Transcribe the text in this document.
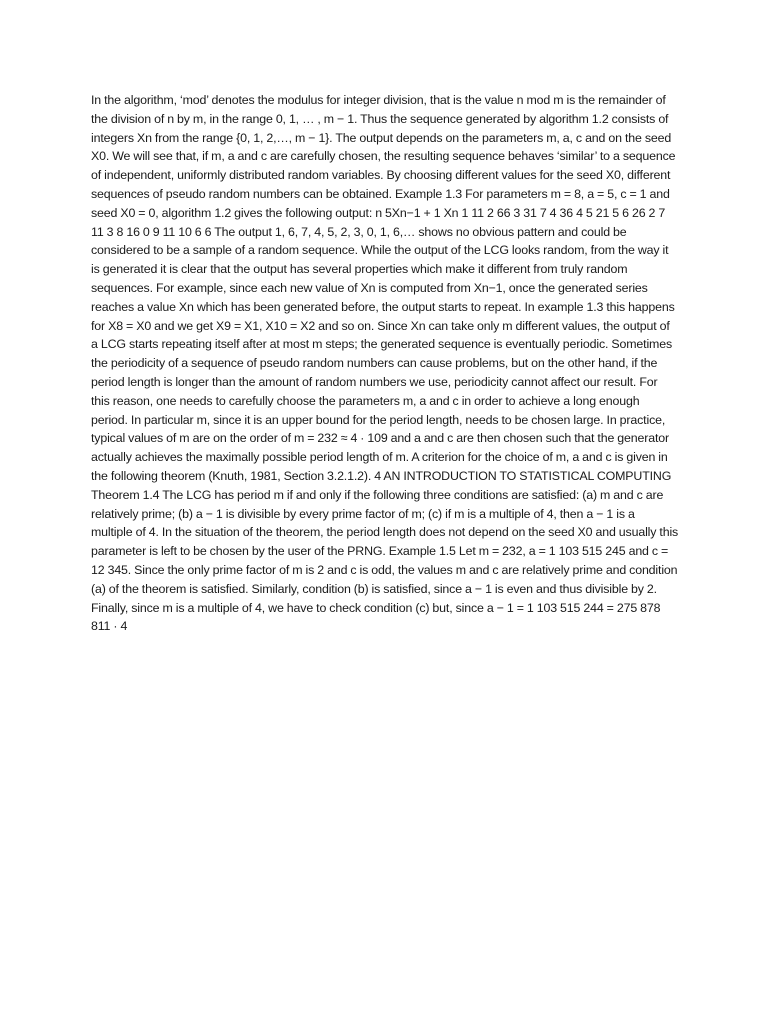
In the algorithm, ‘mod’ denotes the modulus for integer division, that is the value n mod m is the remainder of the division of n by m, in the range 0, 1, … , m − 1. Thus the sequence generated by algorithm 1.2 consists of integers Xn from the range {0, 1, 2,…, m − 1}. The output depends on the parameters m, a, c and on the seed X0. We will see that, if m, a and c are carefully chosen, the resulting sequence behaves ‘similar’ to a sequence of independent, uniformly distributed random variables. By choosing different values for the seed X0, different sequences of pseudo random numbers can be obtained. Example 1.3 For parameters m = 8, a = 5, c = 1 and seed X0 = 0, algorithm 1.2 gives the following output: n 5Xn−1 + 1 Xn 1 11 2 66 3 31 7 4 36 4 5 21 5 6 26 2 7 11 3 8 16 0 9 11 10 6 6 The output 1, 6, 7, 4, 5, 2, 3, 0, 1, 6,… shows no obvious pattern and could be considered to be a sample of a random sequence. While the output of the LCG looks random, from the way it is generated it is clear that the output has several properties which make it different from truly random sequences. For example, since each new value of Xn is computed from Xn−1, once the generated series reaches a value Xn which has been generated before, the output starts to repeat. In example 1.3 this happens for X8 = X0 and we get X9 = X1, X10 = X2 and so on. Since Xn can take only m different values, the output of a LCG starts repeating itself after at most m steps; the generated sequence is eventually periodic. Sometimes the periodicity of a sequence of pseudo random numbers can cause problems, but on the other hand, if the period length is longer than the amount of random numbers we use, periodicity cannot affect our result. For this reason, one needs to carefully choose the parameters m, a and c in order to achieve a long enough period. In particular m, since it is an upper bound for the period length, needs to be chosen large. In practice, typical values of m are on the order of m = 232 ≈ 4 · 109 and a and c are then chosen such that the generator actually achieves the maximally possible period length of m. A criterion for the choice of m, a and c is given in the following theorem (Knuth, 1981, Section 3.2.1.2). 4 AN INTRODUCTION TO STATISTICAL COMPUTING Theorem 1.4 The LCG has period m if and only if the following three conditions are satisfied: (a) m and c are relatively prime; (b) a − 1 is divisible by every prime factor of m; (c) if m is a multiple of 4, then a − 1 is a multiple of 4. In the situation of the theorem, the period length does not depend on the seed X0 and usually this parameter is left to be chosen by the user of the PRNG. Example 1.5 Let m = 232, a = 1 103 515 245 and c = 12 345. Since the only prime factor of m is 2 and c is odd, the values m and c are relatively prime and condition (a) of the theorem is satisfied. Similarly, condition (b) is satisfied, since a − 1 is even and thus divisible by 2. Finally, since m is a multiple of 4, we have to check condition (c) but, since a − 1 = 1 103 515 244 = 275 878 811 · 4
